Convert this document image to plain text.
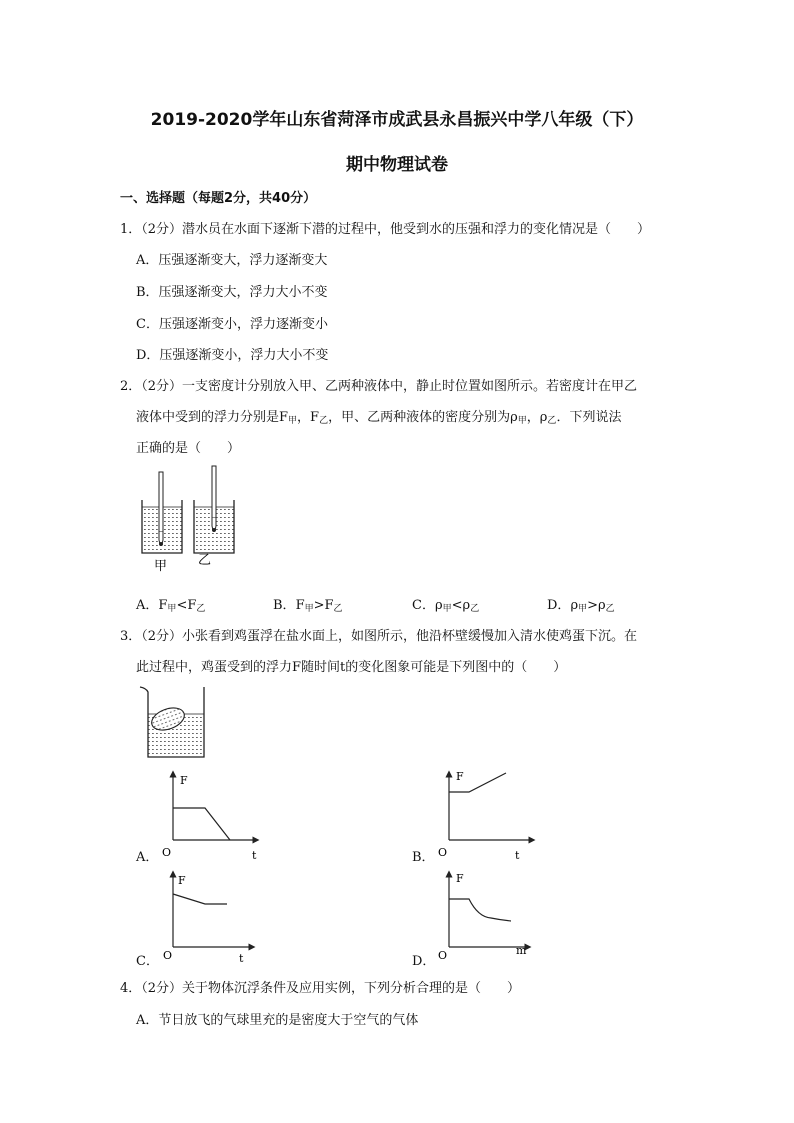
2019-2020学年山东省菏泽市成武县永昌振兴中学八年级（下）
期中物理试卷
一、选择题（每题2分，共40分）
1．（2分）潜水员在水面下逐渐下潜的过程中，他受到水的压强和浮力的变化情况是（　　）
A．压强逐渐变大，浮力逐渐变大
B．压强逐渐变大，浮力大小不变
C．压强逐渐变小，浮力逐渐变小
D．压强逐渐变小，浮力大小不变
2．（2分）一支密度计分别放入甲、乙两种液体中，静止时位置如图所示。若密度计在甲乙
液体中受到的浮力分别是$F_甲$，$F_乙$，甲、乙两种液体的密度分别为$\rho_甲$，$\rho_乙$．下列说法
正确的是（　　）
甲 乙
A．$F_甲<F_乙$	B．$F_甲>F_乙$	C．$\rho_甲<\rho_乙$	D．$\rho_甲>\rho_乙$
3．（2分）小张看到鸡蛋浮在盐水面上，如图所示，他沿杯壁缓慢加入清水使鸡蛋下沉。在
此过程中，鸡蛋受到的浮力F随时间t的变化图象可能是下列图中的（　　）
A．
F
O	t	B．
F
O	t
C．
F
O	t	D．
F
O	m
4．（2分）关于物体沉浮条件及应用实例，下列分析合理的是（　　）
A．节日放飞的气球里充的是密度大于空气的气体
